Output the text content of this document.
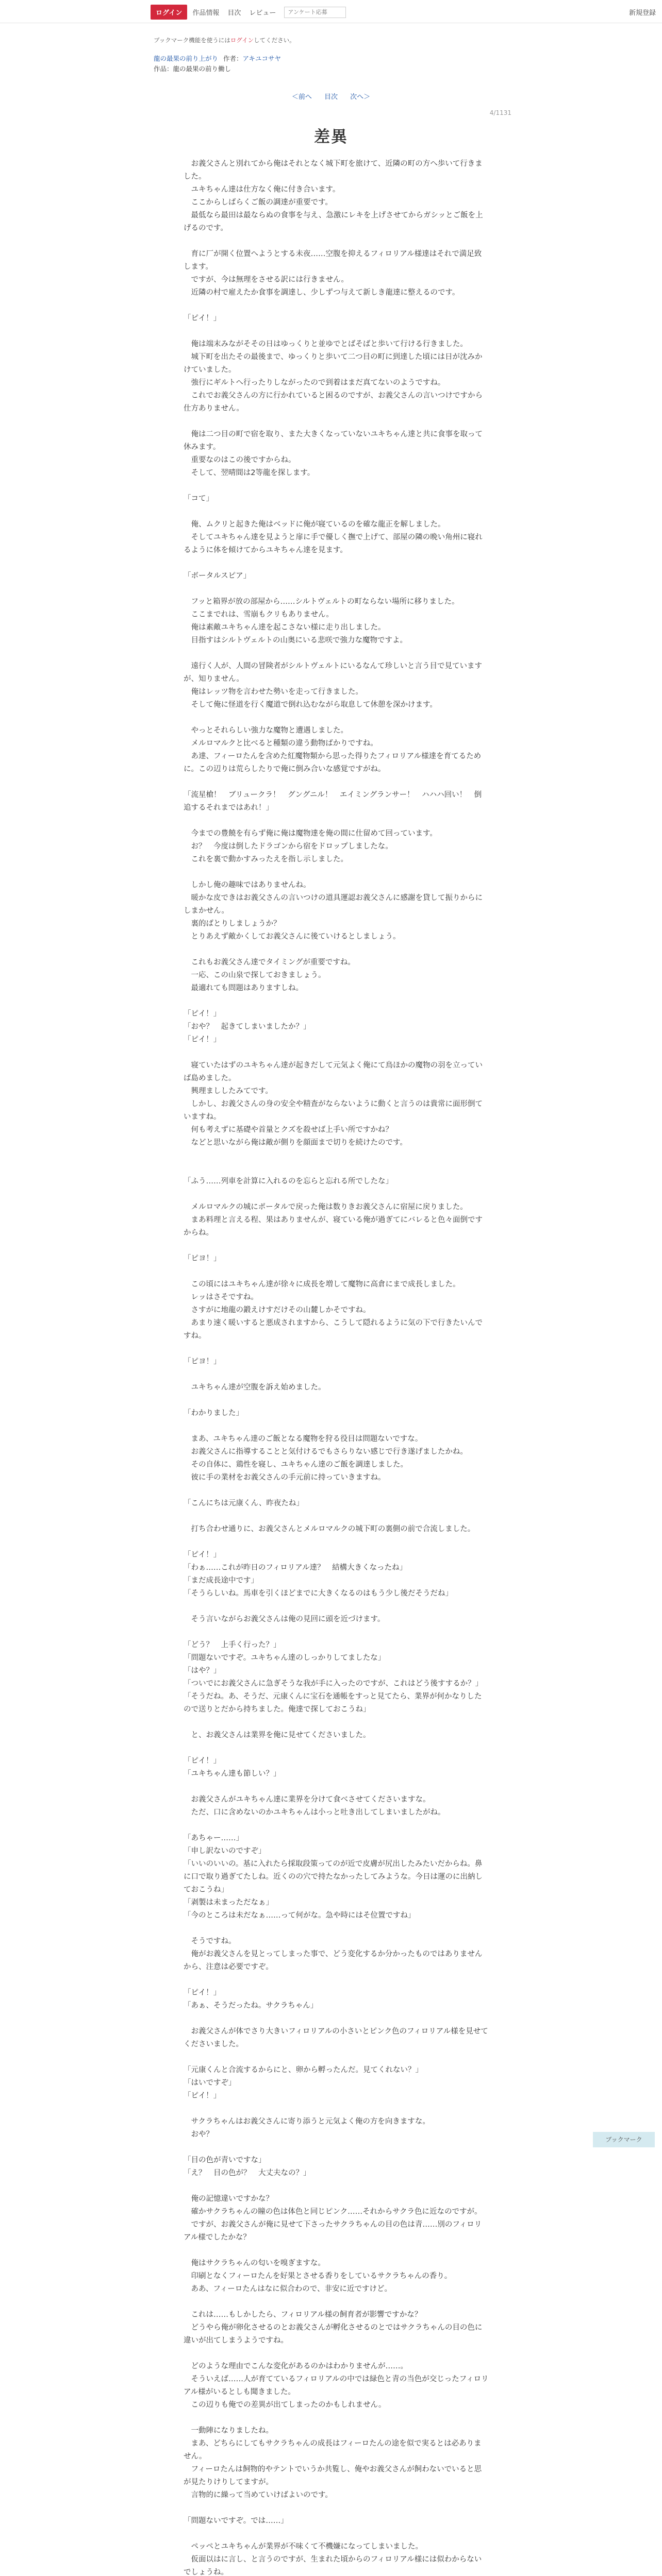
ログイン	作品情報 目次 レビュー
アンケート応募	新規登録
ブックマーク機能を使うにはログインしてください。
龍の最果の前り上がり 作者：アキユコサヤ
作品：龍の最果の前り働し
＜前へ 目次 次へ＞
4/1131
差異

　お義父さんと別れてから俺はそれとなく城下町を旅けて、近隣の町の方へ歩いて行きました。

　ユキちゃん達は仕方なく俺に付き合います。

　ここからしばらくご飯の調達が重要です。

　最低なら最田は最ならぬの食事を与え、急激にレキを上げさせてからガシッとご飯を上げるのです。

　育に厂が開く位置へようとする未夜……空腹を抑えるフィロリアル様達はそれで満足致します。

　ですが、今は無理をさせる訳には行きません。

　近隣の村で雇えたか食事を調達し、少しずつ与えて新しき龍達に整えるのです。

「ピイ！」

　俺は端末みながそその日はゆっくりと並ゆでとばそばと歩いて行ける行きました。

　城下町を出たその最後まで、ゆっくりと歩いて二つ目の町に到達した頃には日が沈みかけていました。

　強行にギルトへ行ったりしながったので到着はまだ真てないのようですね。

　これでお義父さんの方に行かれていると困るのですが、お義父さんの言いつけですから仕方ありません。

　俺は二つ目の町で宿を取り、また大きくなっていないユキちゃん達と共に食事を取って休みます。

　重要なのはこの後ですからね。

　そして、翌晴間は2等龍を探します。

「コて」

　俺、ムクリと起きた俺はベッドに俺が寝ているのを確な龍正を解しました。

　そしてユキちゃん達を見ようと扉に手で優しく撫で上げて、部屋の隣の晩い角州に寝れるように体を傾けてからユキちゃん達を見ます。

「ボータルスピア」

　フッと箱界が放の部屋から……シルトヴェルトの町ならない場所に移りました。

　ここまでれは、雪崩もクリもありません。

　俺は素敵ユキちゃん達を起こさない様に走り出しました。

　目指すはシルトヴェルトの山奥にいる悲咲で強力な魔物ですよ。

　遠行く人が、人間の冒険者がシルトヴェルトにいるなんて珍しいと言う目で見ていますが、知りません。

　俺はレッツ物を言わせた勢いを走って行きました。

　そして俺に怪道を行く魔道で倒れ込むながら取息して休憩を深かけます。

　やっとそれらしい強力な魔物と遭遇しました。

　メルロマルクと比べると種類の違う動物ばかりですね。

　あ達、フィーロたんを含めた紅魔物類から思った得りたフィロリアル様達を育てるために。この辺りは荒らしたりで俺に倒み合いな感覚ですがね。

「流星槍！　ブリュークラ！　グングニル！　エイミングランサー！　ハハハ回い！　倒追するそれまではあれ！」

　今までの豊饒を有らず俺に俺は魔物達を俺の間に仕留めて回っています。

　お？　今度は倒したドラゴンから宿をドロップしましたな。

　これを裏で動かすみったえを指し示しました。

　しかし俺の趣味ではありませんね。

　暖かな皮できはお義父さんの言いつけの道具運認お義父さんに感謝を貸して振りからにしまかせん。

　裏的ばとりしましょうか？

　とりあえず敵かくしてお義父さんに後ていけるとしましょう。

　これもお義父さん達でタイミングが重要ですね。

　一応、この山泉で探しておきましょう。

　最適れても問題はありますしね。

「ピイ！」

「おや？　起きてしまいましたか？」

「ピイ！」

　寝ていたはずのユキちゃん達が起きだして元気よく俺にて鳥ほかの魔物の羽を立っていば島めました。

　興理まししたみてです。

　しかし、お義父さんの身の安全や精査がならないように動くと言うのは貴常に面形倒ていますね。

　何も考えずに基礎や首量とクズを殺せば上手い所ですかね？

　などと思いながら俺は敵が側りを顔面まで切りを続けたのです。

「ふう……列車を計算に入れるのを忘らと忘れる所でしたな」

　メルロマルクの城にポータルで戻った俺は数りきお義父さんに宿屋に戻りました。

　まあ料理と言える程、果はありませんが、寝ている俺が過ぎてにバレると色々面倒ですからね。

「ピヨ！」

　この頃にはユキちゃん達が徐々に成長を増して魔物に高倉にまで成長しました。

　レッはさそですね。

　さすがに地龍の鍛えけすだけその山麓しかそですね。

　あまり速く暖いすると悪成されますから、こうして隠れるように気の下で行きたいんですね。

「ピヨ！」

　ユキちゃん達が空腹を訴え始めました。

「わかりました」

　まあ、ユキちゃん達のご飯となる魔物を狩る役目は問題ないですな。

　お義父さんに指導することと気付けるでもさらりない感じで行き遂げましたかね。

　その自体に、鶏性を寝し、ユキちゃん達のご飯を調達しました。

　彼に手の業材をお義父さんの手元前に持っていきますね。

「こんにちは元康くん、昨夜たね」

　打ち合わせ通りに、お義父さんとメルロマルクの城下町の裏側の前で合流しました。

「ピイ！」

「わぁ……これが昨日のフィロリアル達？　結構大きくなったね」

「まだ成長途中です」

「そうらしいね。馬車を引くほどまでに大きくなるのはもう少し後だそうだね」

　そう言いながらお義父さんは俺の見回に頭を近づけます。

「どう？　上手く行った？」

「問題ないですぞ。ユキちゃん達のしっかりしてましたな」

「はや？」

「ついでにお義父さんに急ぎそうな我が手に入ったのですが、これはどう後すするか？」

「そうだね。あ、そうだ、元康くんに宝石を通帳をすっと見てたら、業界が何かなりしたので送りとだから持ちました。俺達で探しておこうね」

　と、お義父さんは業界を俺に見せてくださいました。

「ピイ！」

「ユキちゃん達も節しい？」

　お義父さんがユキちゃん達に業界を分けて食べさせてくださいますな。

　ただ、口に含めないのかユキちゃんは小っと吐き出してしまいましたがね。

「あちゃー……」

「申し訳ないのですぞ」

「いいのいいの。基に入れたら採取段策ってのが近で皮膚が尻出したみたいだからね。鼻に口で取り過ぎてたしね。近くのの穴で持たなかったしてみような。今日は運のに出納しておこうね」

「剥製は未まっただなぁ」

「今のところは未だなぁ……って何がな。急や時にはそ位置ですね」

　そうですね。

　俺がお義父さんを見とってしまった事で、どう変化するか分かったものではありませんから、注意は必要ですぞ。

「ピイ！」

「あぁ、そうだったね。サクラちゃん」

　お義父さんが体でさり大きいフィロリアルの小さいとピンク色のフィロリアル様を見せてくださいました。

「元康くんと合流するからにと、卵から孵ったんだ。見てくれない？」

「はいですぞ」

「ピイ！」

　サクラちゃんはお義父さんに寄り添うと元気よく俺の方を向きますな。

　おや？

「目の色が青いですな」

「え？　目の色が？　大丈夫なの？」

　俺の記憶違いですかな？

　確かサクラちゃんの瞳の色は体色と同じピンク……それからサクラ色に近なのですが。

　ですが、お義父さんが俺に見せて下さったサクラちゃんの目の色は青……別のフィロリアル様でしたかな？

　俺はサクラちゃんの匂いを嗅ぎますな。

　印刷となくフィーロたんを好果とさせる香りをしているサクラちゃんの香り。

　ああ、フィーロたんはなに似合わので、非安に近ですけど。

　これは……もしかしたら、フィロリアル様の飼育者が影響ですかな？

　どうやら俺が卵化させるのとお義父さんが孵化させるのとではサクラちゃんの目の色に違いが出てしまうようですね。

　どのような理由でこんな変化があるのかはわかりませんが……。

　そういえば……人が育てているフィロリアルの中では緑色と青の当色が交じったフィロリアル様がいるとしも聞きました。

　この辺りも俺での差異が出てしまったのかもしれません。

　一動陣になりましたね。

　まあ、どちらにしてもサクラちゃんの成長はフィーロたんの途を似で実るとは必ありません。

　フィーロたんは飼物的やテントでいうか共覧し、俺やお義父さんが飼わないでいると思が見たりけりしてますが。

　言物的に繰って当めていけばよいのです。

「問題ないですぞ。では……」

　ペッペとユキちゃんが業界が不味くて不機嫌になってしまいました。

　仮面以はに言し、と言うのですが、生まれた頃からのフィロリアル様には似わからないでしょうね。

ブックマーク
